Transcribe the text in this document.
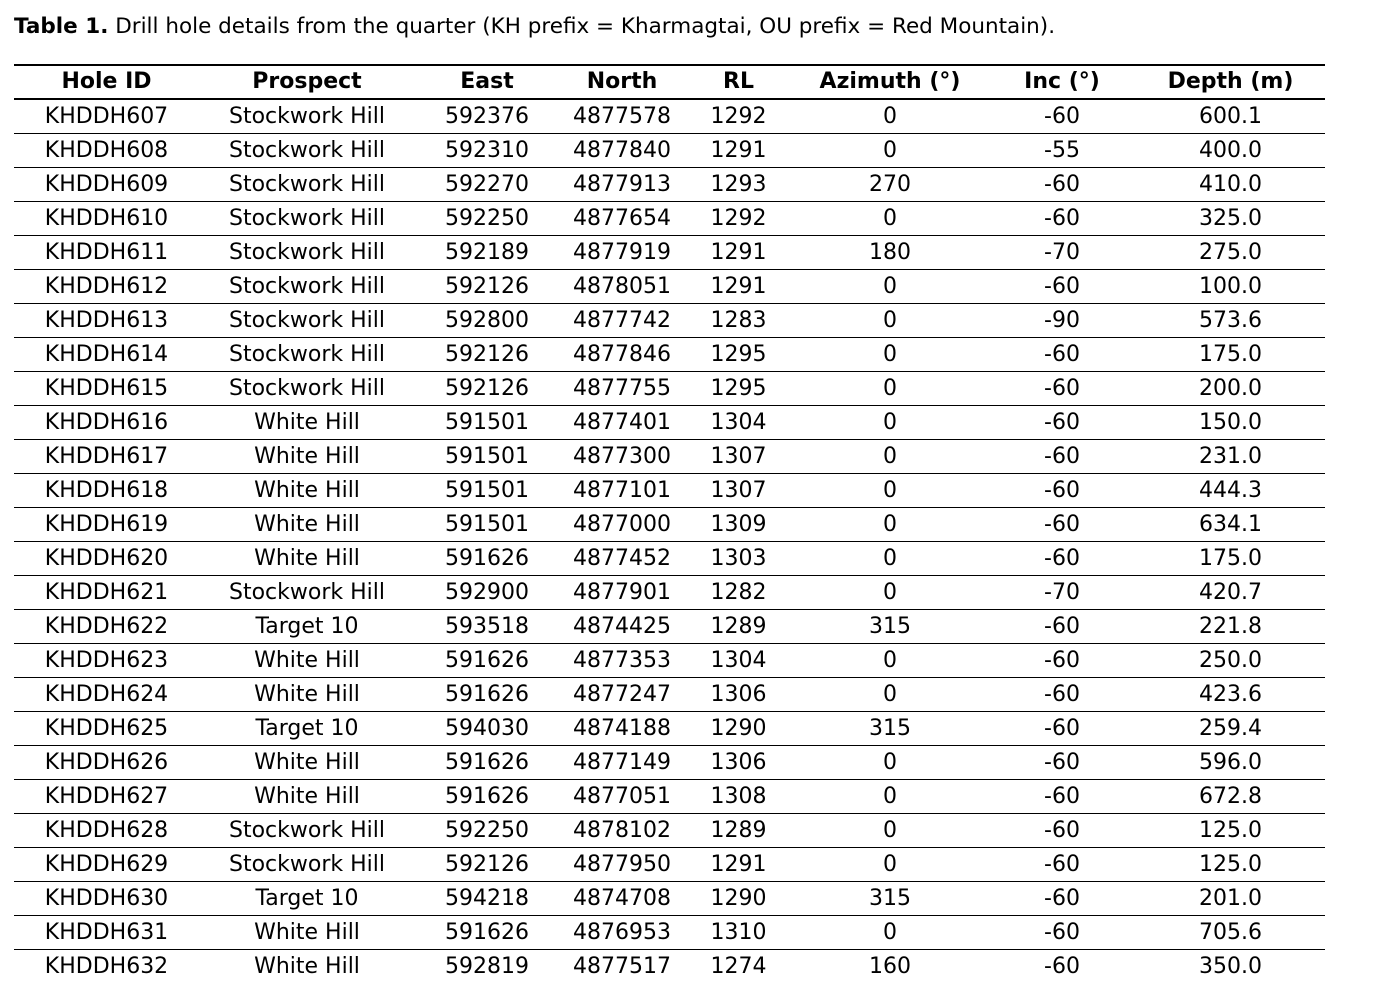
Table 1. Drill hole details from the quarter (KH prefix = Kharmagtai, OU prefix = Red Mountain).
Hole ID	Prospect	East	North	RL	Azimuth (°)	Inc (°)	Depth (m)
KHDDH607	Stockwork Hill	592376	4877578	1292	0	-60	600.1
KHDDH608	Stockwork Hill	592310	4877840	1291	0	-55	400.0
KHDDH609	Stockwork Hill	592270	4877913	1293	270	-60	410.0
KHDDH610	Stockwork Hill	592250	4877654	1292	0	-60	325.0
KHDDH611	Stockwork Hill	592189	4877919	1291	180	-70	275.0
KHDDH612	Stockwork Hill	592126	4878051	1291	0	-60	100.0
KHDDH613	Stockwork Hill	592800	4877742	1283	0	-90	573.6
KHDDH614	Stockwork Hill	592126	4877846	1295	0	-60	175.0
KHDDH615	Stockwork Hill	592126	4877755	1295	0	-60	200.0
KHDDH616	White Hill	591501	4877401	1304	0	-60	150.0
KHDDH617	White Hill	591501	4877300	1307	0	-60	231.0
KHDDH618	White Hill	591501	4877101	1307	0	-60	444.3
KHDDH619	White Hill	591501	4877000	1309	0	-60	634.1
KHDDH620	White Hill	591626	4877452	1303	0	-60	175.0
KHDDH621	Stockwork Hill	592900	4877901	1282	0	-70	420.7
KHDDH622	Target 10	593518	4874425	1289	315	-60	221.8
KHDDH623	White Hill	591626	4877353	1304	0	-60	250.0
KHDDH624	White Hill	591626	4877247	1306	0	-60	423.6
KHDDH625	Target 10	594030	4874188	1290	315	-60	259.4
KHDDH626	White Hill	591626	4877149	1306	0	-60	596.0
KHDDH627	White Hill	591626	4877051	1308	0	-60	672.8
KHDDH628	Stockwork Hill	592250	4878102	1289	0	-60	125.0
KHDDH629	Stockwork Hill	592126	4877950	1291	0	-60	125.0
KHDDH630	Target 10	594218	4874708	1290	315	-60	201.0
KHDDH631	White Hill	591626	4876953	1310	0	-60	705.6
KHDDH632	White Hill	592819	4877517	1274	160	-60	350.0
